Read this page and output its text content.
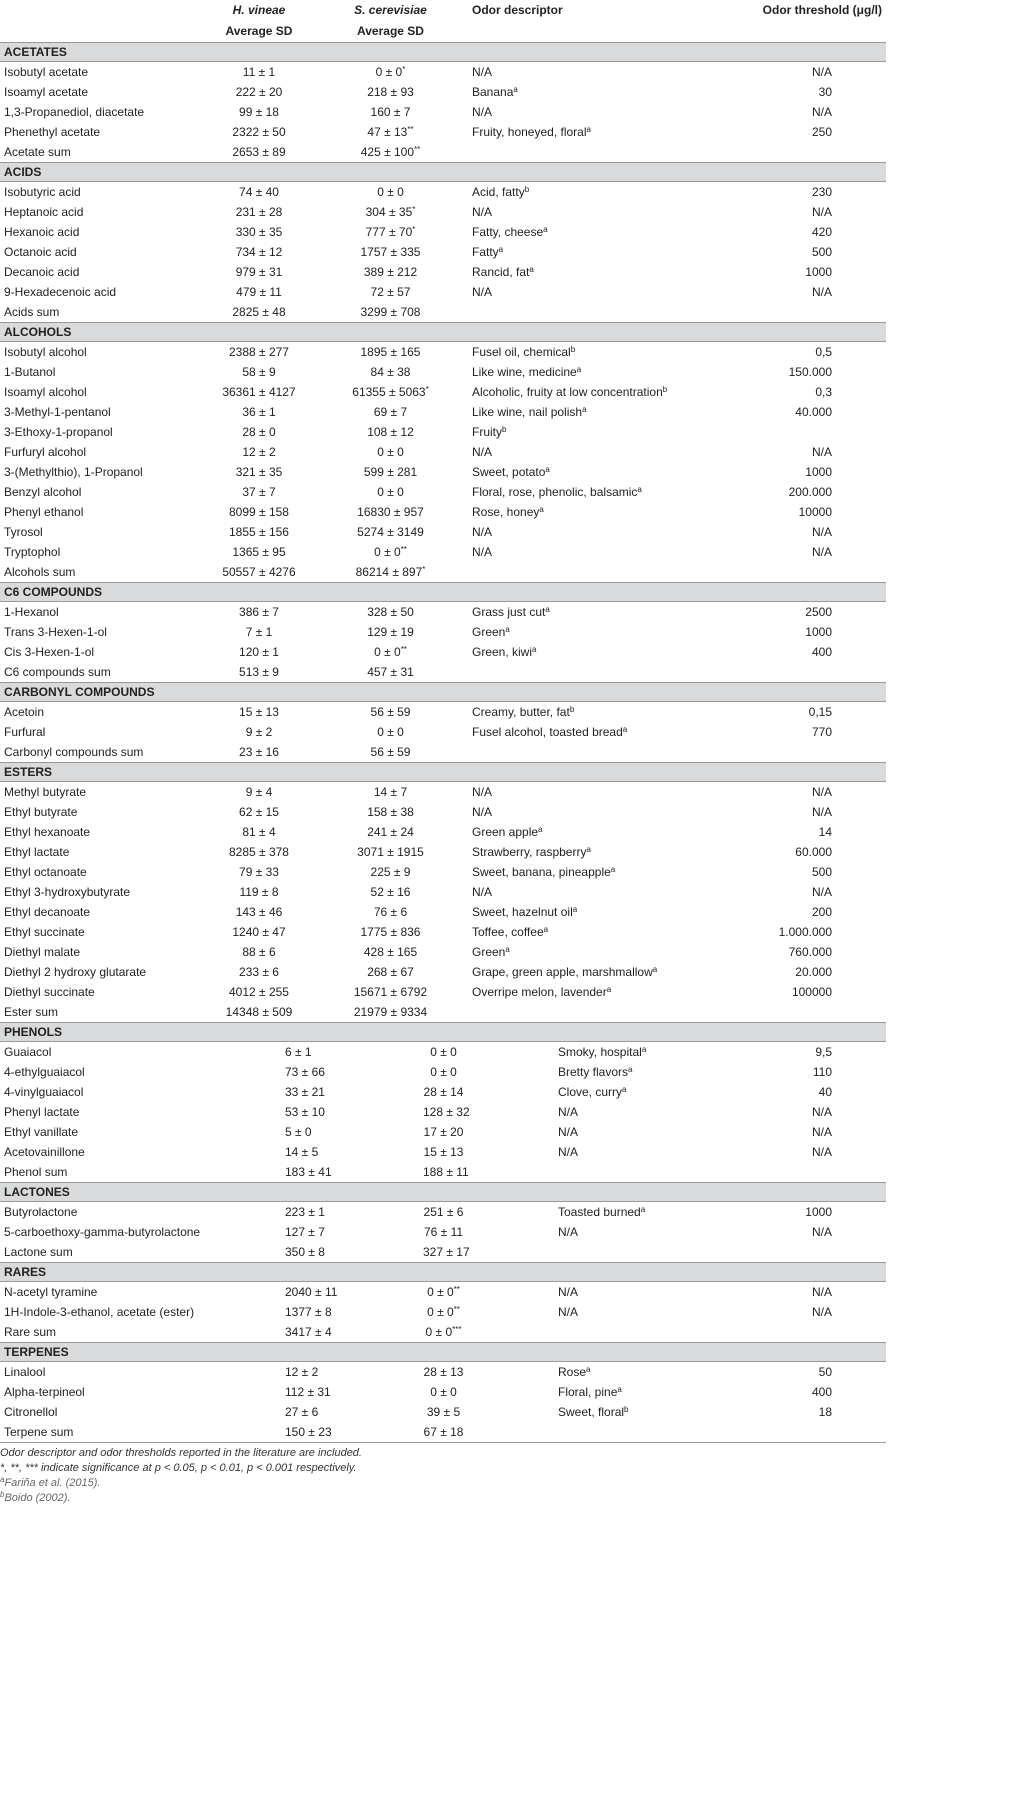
	H. vineae	S. cerevisiae	Odor descriptor	Odor threshold (μg/l)
	Average SD	Average SD		
ACETATES				
Isobutyl acetate	11 ± 1	0 ± 0*	N/A	N/A
Isoamyl acetate	222 ± 20	218 ± 93	Banana$^a$	30
1,3-Propanediol, diacetate	99 ± 18	160 ± 7	N/A	N/A
Phenethyl acetate	2322 ± 50	47 ± 13**	Fruity, honeyed, floral$^a$	250
Acetate sum	2653 ± 89	425 ± 100**		
ACIDS				
Isobutyric acid	74 ± 40	0 ± 0	Acid, fatty$^b$	230
Heptanoic acid	231 ± 28	304 ± 35*	N/A	N/A
Hexanoic acid	330 ± 35	777 ± 70*	Fatty, cheese$^a$	420
Octanoic acid	734 ± 12	1757 ± 335	Fatty$^a$	500
Decanoic acid	979 ± 31	389 ± 212	Rancid, fat$^a$	1000
9-Hexadecenoic acid	479 ± 11	72 ± 57	N/A	N/A
Acids sum	2825 ± 48	3299 ± 708		
ALCOHOLS				
Isobutyl alcohol	2388 ± 277	1895 ± 165	Fusel oil, chemical$^b$	0,5
1-Butanol	58 ± 9	84 ± 38	Like wine, medicine$^a$	150.000
Isoamyl alcohol	36361 ± 4127	61355 ± 5063*	Alcoholic, fruity at low concentration$^b$	0,3
3-Methyl-1-pentanol	36 ± 1	69 ± 7	Like wine, nail polish$^a$	40.000
3-Ethoxy-1-propanol	28 ± 0	108 ± 12	Fruity$^b$	
Furfuryl alcohol	12 ± 2	0 ± 0	N/A	N/A
3-(Methylthio), 1-Propanol	321 ± 35	599 ± 281	Sweet, potato$^a$	1000
Benzyl alcohol	37 ± 7	0 ± 0	Floral, rose, phenolic, balsamic$^a$	200.000
Phenyl ethanol	8099 ± 158	16830 ± 957	Rose, honey$^a$	10000
Tyrosol	1855 ± 156	5274 ± 3149	N/A	N/A
Tryptophol	1365 ± 95	0 ± 0**	N/A	N/A
Alcohols sum	50557 ± 4276	86214 ± 897*		
C6 COMPOUNDS				
1-Hexanol	386 ± 7	328 ± 50	Grass just cut$^a$	2500
Trans 3-Hexen-1-ol	7 ± 1	129 ± 19	Green$^a$	1000
Cis 3-Hexen-1-ol	120 ± 1	0 ± 0**	Green, kiwi$^a$	400
C6 compounds sum	513 ± 9	457 ± 31		
CARBONYL COMPOUNDS				
Acetoin	15 ± 13	56 ± 59	Creamy, butter, fat$^b$	0,15
Furfural	9 ± 2	0 ± 0	Fusel alcohol, toasted bread$^a$	770
Carbonyl compounds sum	23 ± 16	56 ± 59		
ESTERS				
Methyl butyrate	9 ± 4	14 ± 7	N/A	N/A
Ethyl butyrate	62 ± 15	158 ± 38	N/A	N/A
Ethyl hexanoate	81 ± 4	241 ± 24	Green apple$^a$	14
Ethyl lactate	8285 ± 378	3071 ± 1915	Strawberry, raspberry$^a$	60.000
Ethyl octanoate	79 ± 33	225 ± 9	Sweet, banana, pineapple$^a$	500
Ethyl 3-hydroxybutyrate	119 ± 8	52 ± 16	N/A	N/A
Ethyl decanoate	143 ± 46	76 ± 6	Sweet, hazelnut oil$^a$	200
Ethyl succinate	1240 ± 47	1775 ± 836	Toffee, coffee$^a$	1.000.000
Diethyl malate	88 ± 6	428 ± 165	Green$^a$	760.000
Diethyl 2 hydroxy glutarate	233 ± 6	268 ± 67	Grape, green apple, marshmallow$^a$	20.000
Diethyl succinate	4012 ± 255	15671 ± 6792	Overripe melon, lavender$^a$	100000
Ester sum	14348 ± 509	21979 ± 9334		
PHENOLS				
Guaiacol	6 ± 1	0 ± 0	Smoky, hospital$^a$	9,5
4-ethylguaiacol	73 ± 66	0 ± 0	Bretty flavors$^a$	110
4-vinylguaiacol	33 ± 21	28 ± 14	Clove, curry$^a$	40
Phenyl lactate	53 ± 10	128 ± 32	N/A	N/A
Ethyl vanillate	5 ± 0	17 ± 20	N/A	N/A
Acetovainillone	14 ± 5	15 ± 13	N/A	N/A
Phenol sum	183 ± 41	188 ± 11		
LACTONES				
Butyrolactone	223 ± 1	251 ± 6	Toasted burned$^a$	1000
5-carboethoxy-gamma-butyrolactone	127 ± 7	76 ± 11	N/A	N/A
Lactone sum	350 ± 8	327 ± 17		
RARES				
N-acetyl tyramine	2040 ± 11	0 ± 0**	N/A	N/A
1H-Indole-3-ethanol, acetate (ester)	1377 ± 8	0 ± 0**	N/A	N/A
Rare sum	3417 ± 4	0 ± 0***		
TERPENES				
Linalool	12 ± 2	28 ± 13	Rose$^a$	50
Alpha-terpineol	112 ± 31	0 ± 0	Floral, pine$^a$	400
Citronellol	27 ± 6	39 ± 5	Sweet, floral$^b$	18
Terpene sum	150 ± 23	67 ± 18		
Odor descriptor and odor thresholds reported in the literature are included.
*, **, *** indicate significance at p < 0.05, p < 0.01, p < 0.001 respectively.
$^a$Fariña et al. (2015).
$^b$Boido (2002).
